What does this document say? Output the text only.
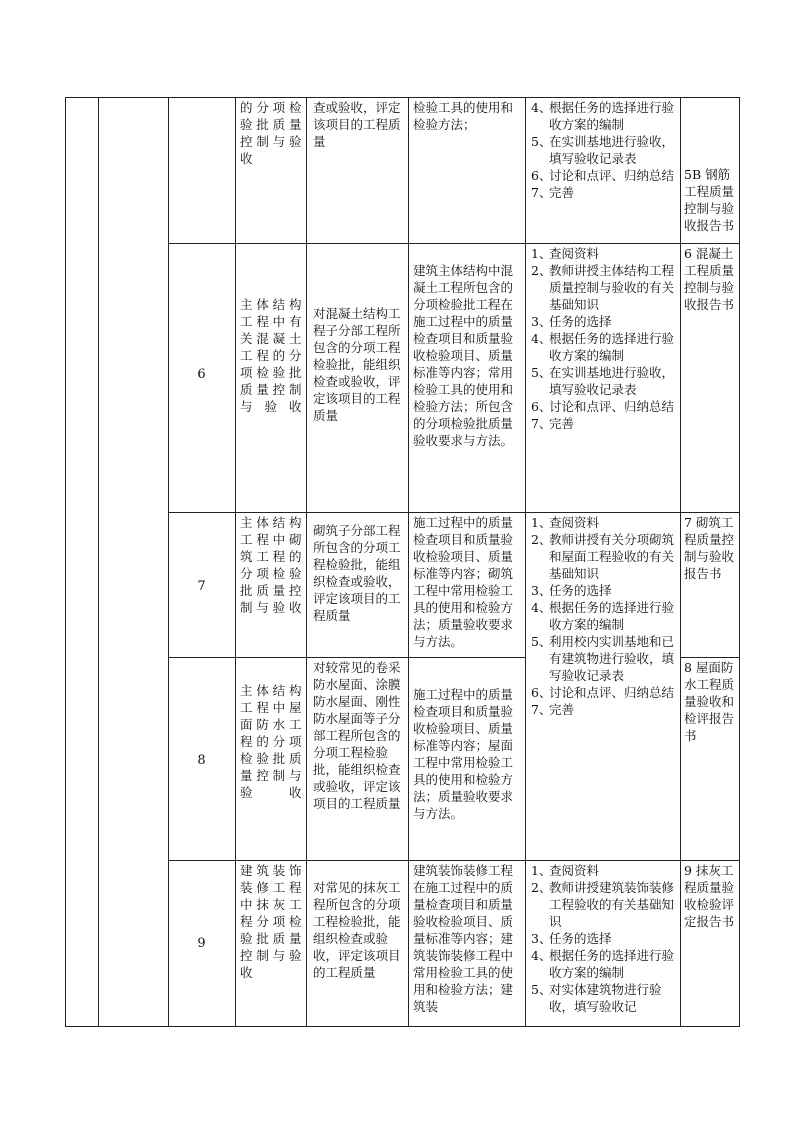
的分项检验批质量控制与验收
查或验收，评定该项目的工程质量
检验工具的使用和检验方法；
4、
根据任务的选择进行验收方案的编制
5、
在实训基地进行验收，填写验收记录表
6、
讨论和点评、归纳总结
7、
完善
5B 钢筋工程质量控制与验收报告书
6
主体结构工程中有关混凝土工程的分项检验批质量控制与验收
对混凝土结构工程子分部工程所包含的分项工程检验批，能组织检查或验收，评定该项目的工程质量
建筑主体结构中混凝土工程所包含的分项检验批工程在施工过程中的质量检查项目和质量验收检验项目、质量标准等内容；常用检验工具的使用和检验方法；所包含的分项检验批质量验收要求与方法。
1、
查阅资料
2、
教师讲授主体结构工程质量控制与验收的有关基础知识
3、
任务的选择
4、
根据任务的选择进行验收方案的编制
5、
在实训基地进行验收，填写验收记录表
6、
讨论和点评、归纳总结
7、
完善
6 混凝土工程质量控制与验收报告书
7
主体结构工程中砌筑工程的分项检验批质量控制与验收
砌筑子分部工程所包含的分项工程检验批，能组织检查或验收，评定该项目的工程质量
施工过程中的质量检查项目和质量验收检验项目、质量标准等内容；砌筑工程中常用检验工具的使用和检验方法；质量验收要求与方法。
7 砌筑工程质量控制与验收报告书
1、
查阅资料
2、
教师讲授有关分项砌筑和屋面工程验收的有关基础知识
3、
任务的选择
4、
根据任务的选择进行验收方案的编制
5、
利用校内实训基地和已有建筑物进行验收，填写验收记录表
6、
讨论和点评、归纳总结
7、
完善
8
主体结构工程中屋面防水工程的分项检验批质量控制与验收
对较常见的卷采防水屋面、涂膜防水屋面、刚性防水屋面等子分部工程所包含的分项工程检验批，能组织检查或验收，评定该项目的工程质量
施工过程中的质量检查项目和质量验收检验项目、质量标准等内容；屋面工程中常用检验工具的使用和检验方法；质量验收要求与方法。
8 屋面防水工程质量验收和检评报告书
9
建筑装饰装修工程中抹灰工程分项检验批质量控制与验收
对常见的抹灰工程所包含的分项工程检验批，能组织检查或验收，评定该项目的工程质量
建筑装饰装修工程在施工过程中的质量检查项目和质量验收检验项目、质量标准等内容；建筑装饰装修工程中常用检验工具的使用和检验方法；建筑装
1、
查阅资料
2、
教师讲授建筑装饰装修工程验收的有关基础知识
3、
任务的选择
4、
根据任务的选择进行验收方案的编制
5、
对实体建筑物进行验收，填写验收记
9 抹灰工程质量验收检验评定报告书
